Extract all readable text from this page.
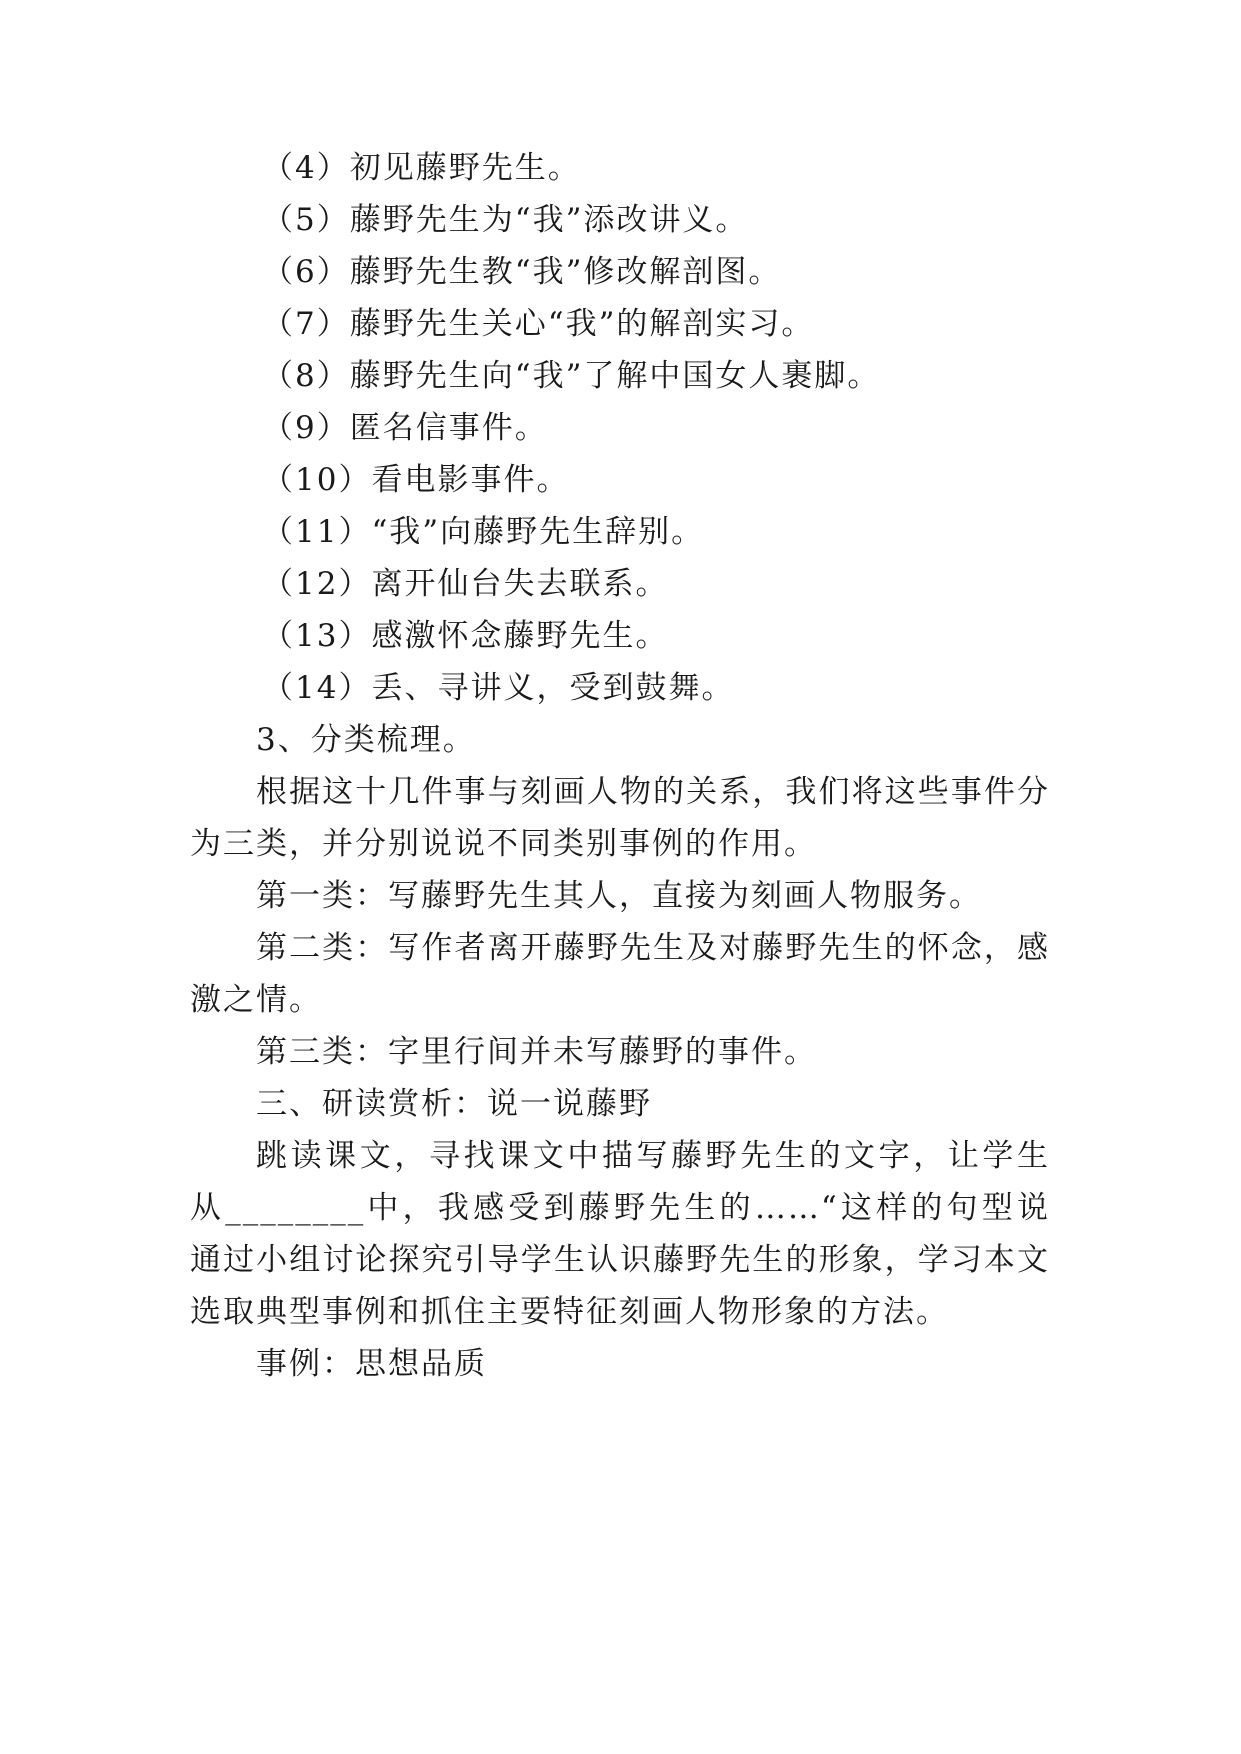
（4）初见藤野先生。
（5）藤野先生为“我”添改讲义。
（6）藤野先生教“我”修改解剖图。
（7）藤野先生关心“我”的解剖实习。
（8）藤野先生向“我”了解中国女人裹脚。
（9）匿名信事件。
（10）看电影事件。
（11）“我”向藤野先生辞别。
（12）离开仙台失去联系。
（13）感激怀念藤野先生。
（14）丢、寻讲义，受到鼓舞。
3、分类梳理。
根据这十几件事与刻画人物的关系，我们将这些事件分
为三类，并分别说说不同类别事例的作用。
第一类：写藤野先生其人，直接为刻画人物服务。
第二类：写作者离开藤野先生及对藤野先生的怀念，感
激之情。
第三类：字里行间并未写藤野的事件。
三、研读赏析：说一说藤野
跳读课文，寻找课文中描写藤野先生的文字，让学生
从________中，我感受到藤野先生的……“这样的句型说
通过小组讨论探究引导学生认识藤野先生的形象，学习本文
选取典型事例和抓住主要特征刻画人物形象的方法。
事例：思想品质
